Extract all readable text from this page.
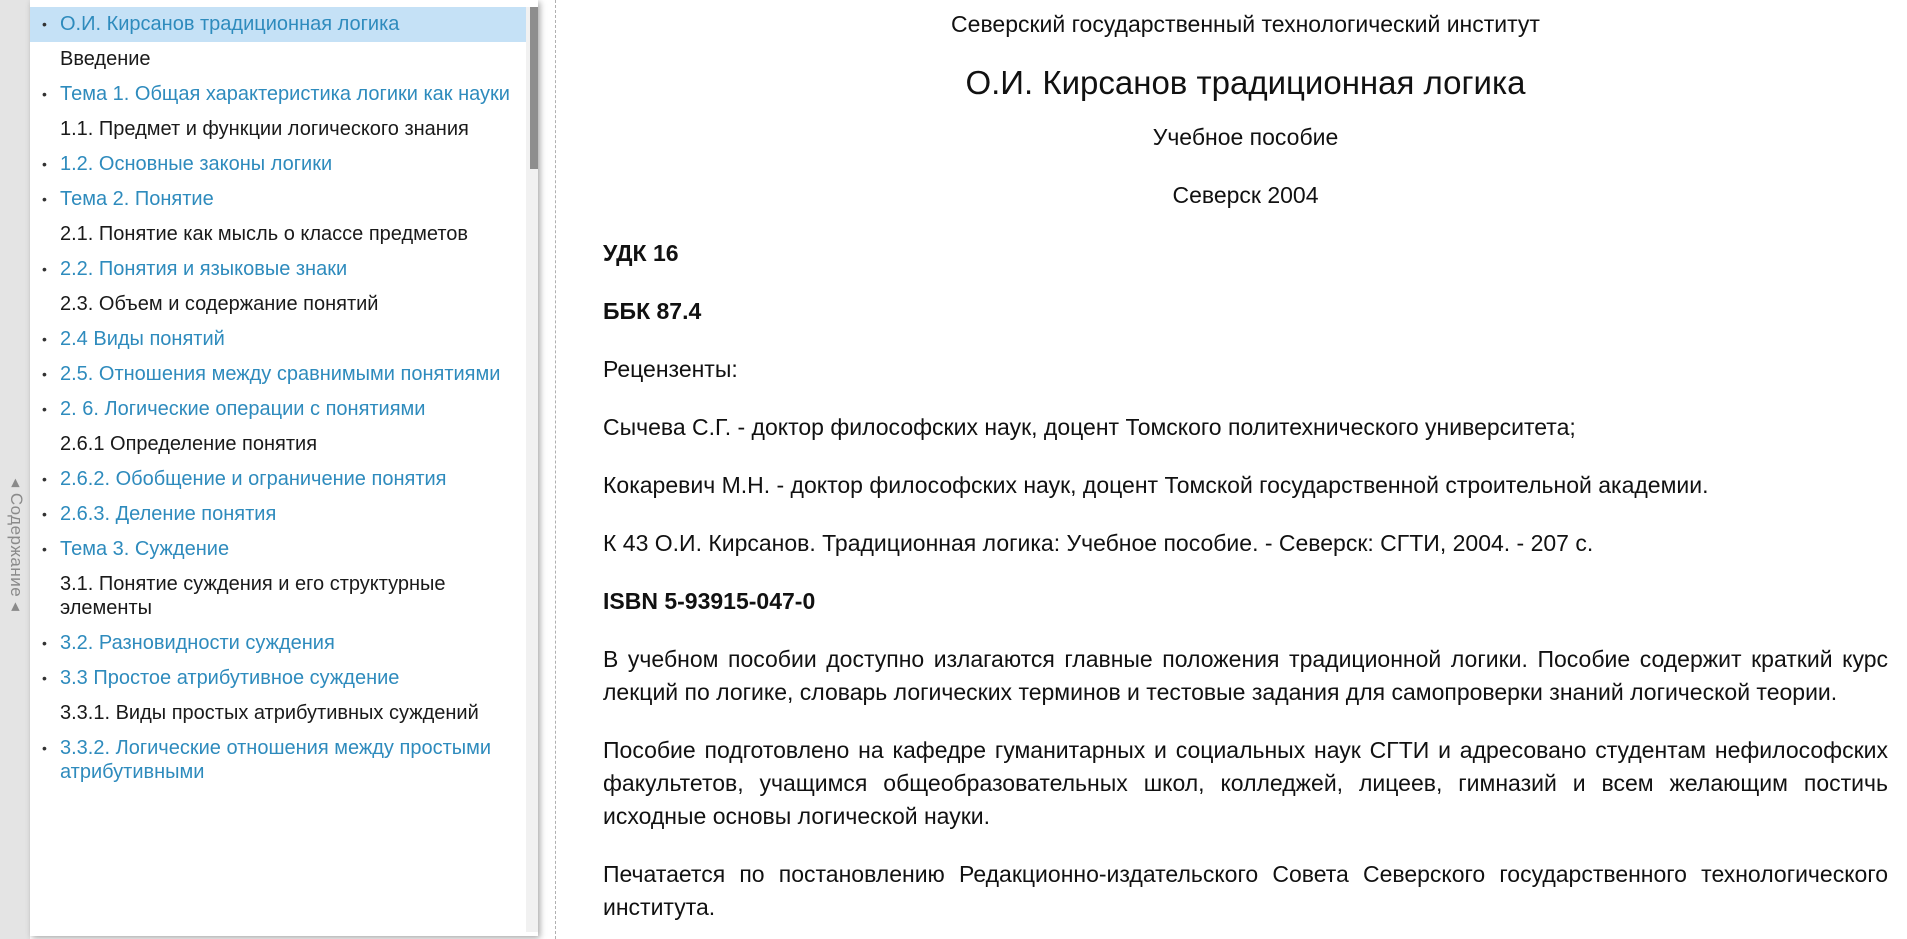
◂ Содержание ◂
• О.И. Кирсанов традиционная логика
Введение
• Тема 1. Общая характеристика логики как науки
1.1. Предмет и функции логического знания
• 1.2. Основные законы логики
• Тема 2. Понятие
2.1. Понятие как мысль о классе предметов
• 2.2. Понятия и языковые знаки
2.3. Объем и содержание понятий
• 2.4 Виды понятий
• 2.5. Отношения между сравнимыми понятиями
• 2. 6. Логические операции с понятиями
2.6.1 Определение понятия
• 2.6.2. Обобщение и ограничение понятия
• 2.6.3. Деление понятия
• Тема 3. Суждение
3.1. Понятие суждения и его структурные элементы
• 3.2. Разновидности суждения
• 3.3 Простое атрибутивное суждение
3.3.1. Виды простых атрибутивных суждений
• 3.3.2. Логические отношения между простыми атрибутивными

Северский государственный технологический институт

О.И. Кирсанов традиционная логика

Учебное пособие

Северск 2004

УДК 16

ББК 87.4

Рецензенты:

Сычева С.Г. - доктор философских наук, доцент Томского политехнического университета;

Кокаревич М.Н. - доктор философских наук, доцент Томской государственной строительной академии.

К 43 О.И. Кирсанов. Традиционная логика: Учебное пособие. - Северск: СГТИ, 2004. - 207 с.

ISBN 5-93915-047-0

В учебном пособии доступно излагаются главные положения традиционной логики. Пособие содержит краткий курс лекций по логике, словарь логических терминов и тестовые задания для самопроверки знаний логической теории.

Пособие подготовлено на кафедре гуманитарных и социальных наук СГТИ и адресовано студентам нефилософских факультетов, учащимся общеобразовательных школ, колледжей, лицеев, гимназий и всем желающим постичь исходные основы логической науки.

Печатается по постановлению Редакционно-издательского Совета Северского государственного технологического института.
